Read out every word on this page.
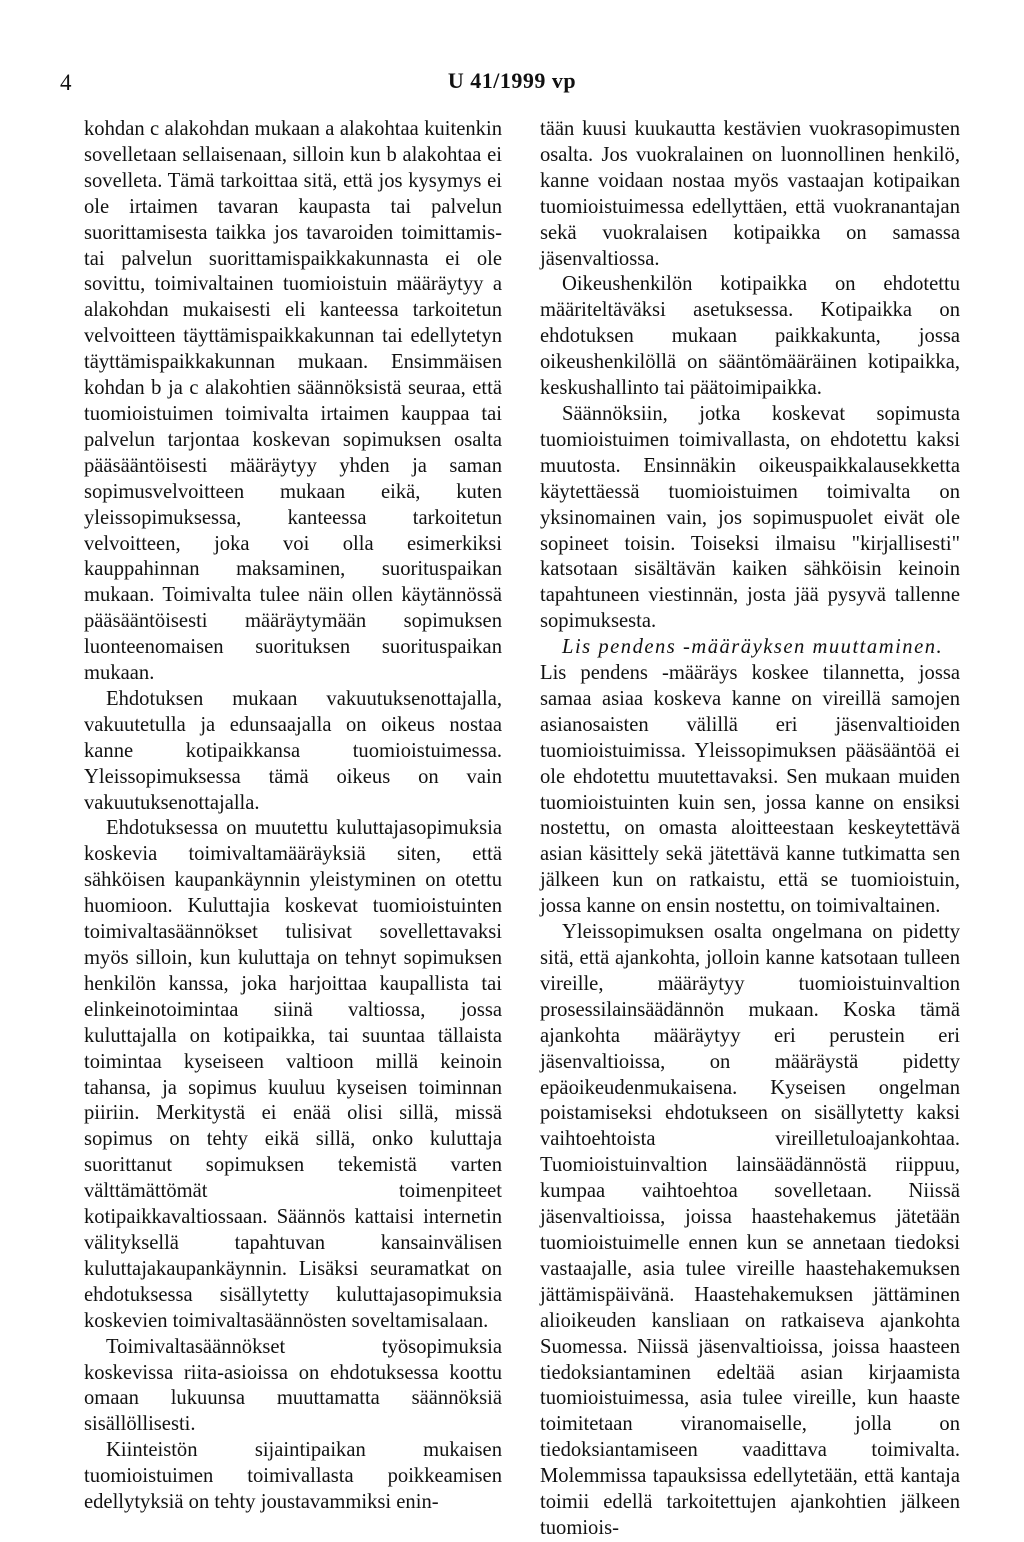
4	U 41/1999 vp

kohdan c alakohdan mukaan a alakohtaa kuitenkin sovelletaan sellaisenaan, silloin kun b alakohtaa ei sovelleta. Tämä tarkoittaa sitä, että jos kysymys ei ole irtaimen tavaran kaupasta tai palvelun suorittamisesta taikka jos tavaroiden toimittamis- tai palvelun suorittamispaikkakunnasta ei ole sovittu, toimivaltainen tuomioistuin määräytyy a alakohdan mukaisesti eli kanteessa tarkoitetun velvoitteen täyttämispaikkakunnan tai edellytetyn täyttämispaikkakunnan mukaan. Ensimmäisen kohdan b ja c alakohtien säännöksistä seuraa, että tuomioistuimen toimivalta irtaimen kauppaa tai palvelun tarjontaa koskevan sopimuksen osalta pääsääntöisesti määräytyy yhden ja saman sopimusvelvoitteen mukaan eikä, kuten yleissopimuksessa, kanteessa tarkoitetun velvoitteen, joka voi olla esimerkiksi kauppahinnan maksaminen, suorituspaikan mukaan. Toimivalta tulee näin ollen käytännössä pääsääntöisesti määräytymään sopimuksen luonteenomaisen suorituksen suorituspaikan mukaan.

Ehdotuksen mukaan vakuutuksenottajalla, vakuutetulla ja edunsaajalla on oikeus nostaa kanne kotipaikkansa tuomioistuimessa. Yleissopimuksessa tämä oikeus on vain vakuutuksenottajalla.

Ehdotuksessa on muutettu kuluttajasopimuksia koskevia toimivaltamääräyksiä siten, että sähköisen kaupankäynnin yleistyminen on otettu huomioon. Kuluttajia koskevat tuomioistuinten toimivaltasäännökset tulisivat sovellettavaksi myös silloin, kun kuluttaja on tehnyt sopimuksen henkilön kanssa, joka harjoittaa kaupallista tai elinkeinotoimintaa siinä valtiossa, jossa kuluttajalla on kotipaikka, tai suuntaa tällaista toimintaa kyseiseen valtioon millä keinoin tahansa, ja sopimus kuuluu kyseisen toiminnan piiriin. Merkitystä ei enää olisi sillä, missä sopimus on tehty eikä sillä, onko kuluttaja suorittanut sopimuksen tekemistä varten välttämättömät toimenpiteet kotipaikkavaltiossaan. Säännös kattaisi internetin välityksellä tapahtuvan kansainvälisen kuluttajakaupankäynnin. Lisäksi seuramatkat on ehdotuksessa sisällytetty kuluttajasopimuksia koskevien toimivaltasäännösten soveltamisalaan.

Toimivaltasäännökset työsopimuksia koskevissa riita-asioissa on ehdotuksessa koottu omaan lukuunsa muuttamatta säännöksiä sisällöllisesti.

Kiinteistön sijaintipaikan mukaisen tuomioistuimen toimivallasta poikkeamisen edellytyksiä on tehty joustavammiksi enin-

tään kuusi kuukautta kestävien vuokrasopimusten osalta. Jos vuokralainen on luonnollinen henkilö, kanne voidaan nostaa myös vastaajan kotipaikan tuomioistuimessa edellyttäen, että vuokranantajan sekä vuokralaisen kotipaikka on samassa jäsenvaltiossa.

Oikeushenkilön kotipaikka on ehdotettu määriteltäväksi asetuksessa. Kotipaikka on ehdotuksen mukaan paikkakunta, jossa oikeushenkilöllä on sääntömääräinen kotipaikka, keskushallinto tai päätoimipaikka.

Säännöksiin, jotka koskevat sopimusta tuomioistuimen toimivallasta, on ehdotettu kaksi muutosta. Ensinnäkin oikeuspaikkalausekketta käytettäessä tuomioistuimen toimivalta on yksinomainen vain, jos sopimuspuolet eivät ole sopineet toisin. Toiseksi ilmaisu "kirjallisesti" katsotaan sisältävän kaiken sähköisin keinoin tapahtuneen viestinnän, josta jää pysyvä tallenne sopimuksesta.

Lis pendens -määräyksen muuttaminen.
Lis pendens -määräys koskee tilannetta, jossa samaa asiaa koskeva kanne on vireillä samojen asianosaisten välillä eri jäsenvaltioiden tuomioistuimissa. Yleissopimuksen pääsääntöä ei ole ehdotettu muutettavaksi. Sen mukaan muiden tuomioistuinten kuin sen, jossa kanne on ensiksi nostettu, on omasta aloitteestaan keskeytettävä asian käsittely sekä jätettävä kanne tutkimatta sen jälkeen kun on ratkaistu, että se tuomioistuin, jossa kanne on ensin nostettu, on toimivaltainen.

Yleissopimuksen osalta ongelmana on pidetty sitä, että ajankohta, jolloin kanne katsotaan tulleen vireille, määräytyy tuomioistuinvaltion prosessilainsäädännön mukaan. Koska tämä ajankohta määräytyy eri perustein eri jäsenvaltioissa, on määräystä pidetty epäoikeudenmukaisena. Kyseisen ongelman poistamiseksi ehdotukseen on sisällytetty kaksi vaihtoehtoista vireilletuloajankohtaa. Tuomioistuinvaltion lainsäädännöstä riippuu, kumpaa vaihtoehtoa sovelletaan. Niissä jäsenvaltioissa, joissa haastehakemus jätetään tuomioistuimelle ennen kun se annetaan tiedoksi vastaajalle, asia tulee vireille haastehakemuksen jättämispäivänä. Haastehakemuksen jättäminen alioikeuden kansliaan on ratkaiseva ajankohta Suomessa. Niissä jäsenvaltioissa, joissa haasteen tiedoksiantaminen edeltää asian kirjaamista tuomioistuimessa, asia tulee vireille, kun haaste toimitetaan viranomaiselle, jolla on tiedoksiantamiseen vaadittava toimivalta. Molemmissa tapauksissa edellytetään, että kantaja toimii edellä tarkoitettujen ajankohtien jälkeen tuomiois-
